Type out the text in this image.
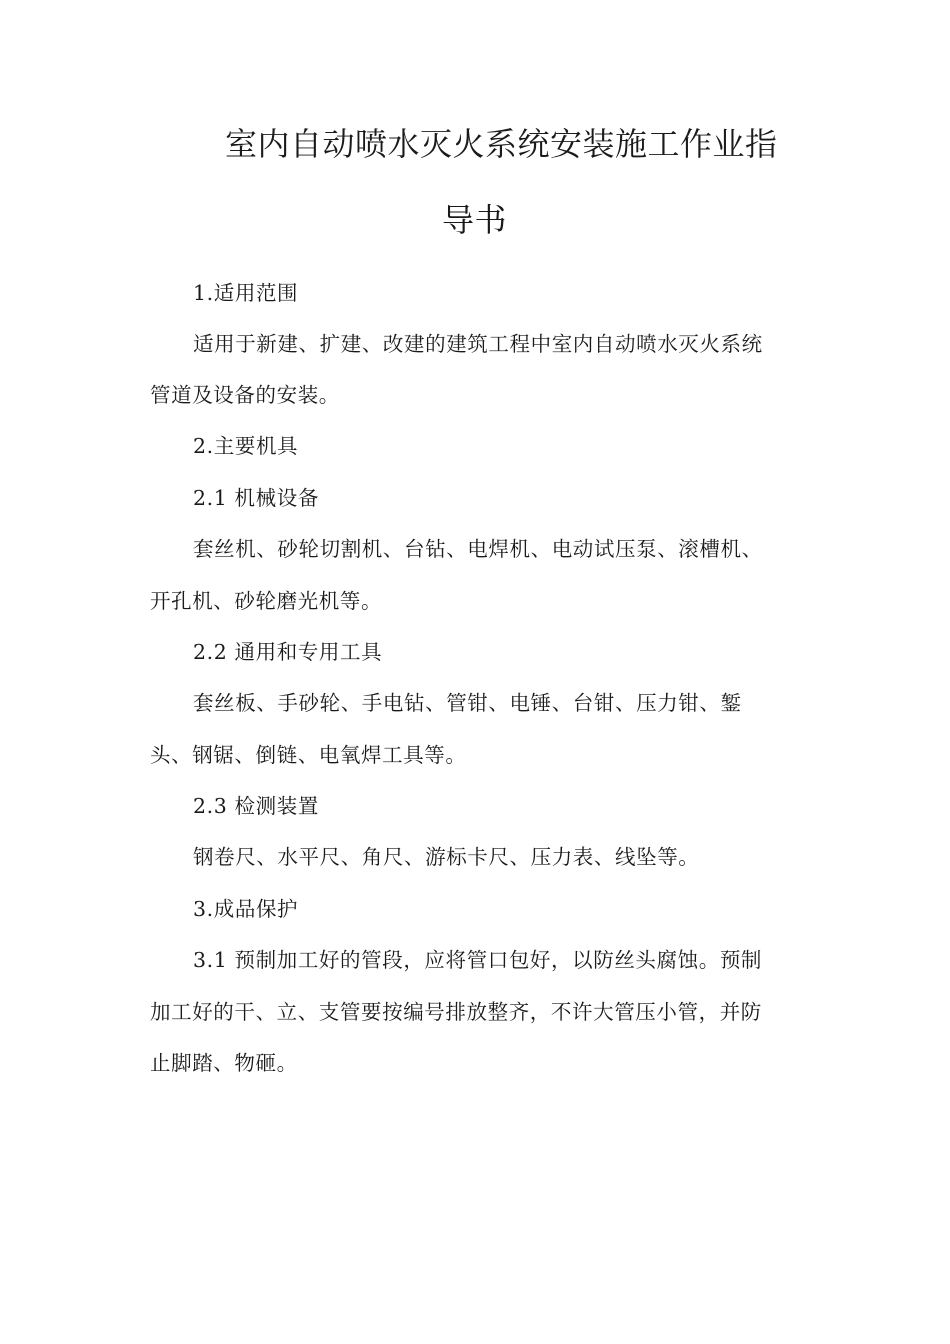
室内自动喷水灭火系统安装施工作业指
导书
1.适用范围
适用于新建、扩建、改建的建筑工程中室内自动喷水灭火系统
管道及设备的安装。
2.主要机具
2.1 机械设备
套丝机、砂轮切割机、台钻、电焊机、电动试压泵、滚槽机、
开孔机、砂轮磨光机等。
2.2 通用和专用工具
套丝板、手砂轮、手电钻、管钳、电锤、台钳、压力钳、錾
头、钢锯、倒链、电氧焊工具等。
2.3 检测装置
钢卷尺、水平尺、角尺、游标卡尺、压力表、线坠等。
3.成品保护
3.1 预制加工好的管段，应将管口包好，以防丝头腐蚀。预制
加工好的干、立、支管要按编号排放整齐，不许大管压小管，并防
止脚踏、物砸。
